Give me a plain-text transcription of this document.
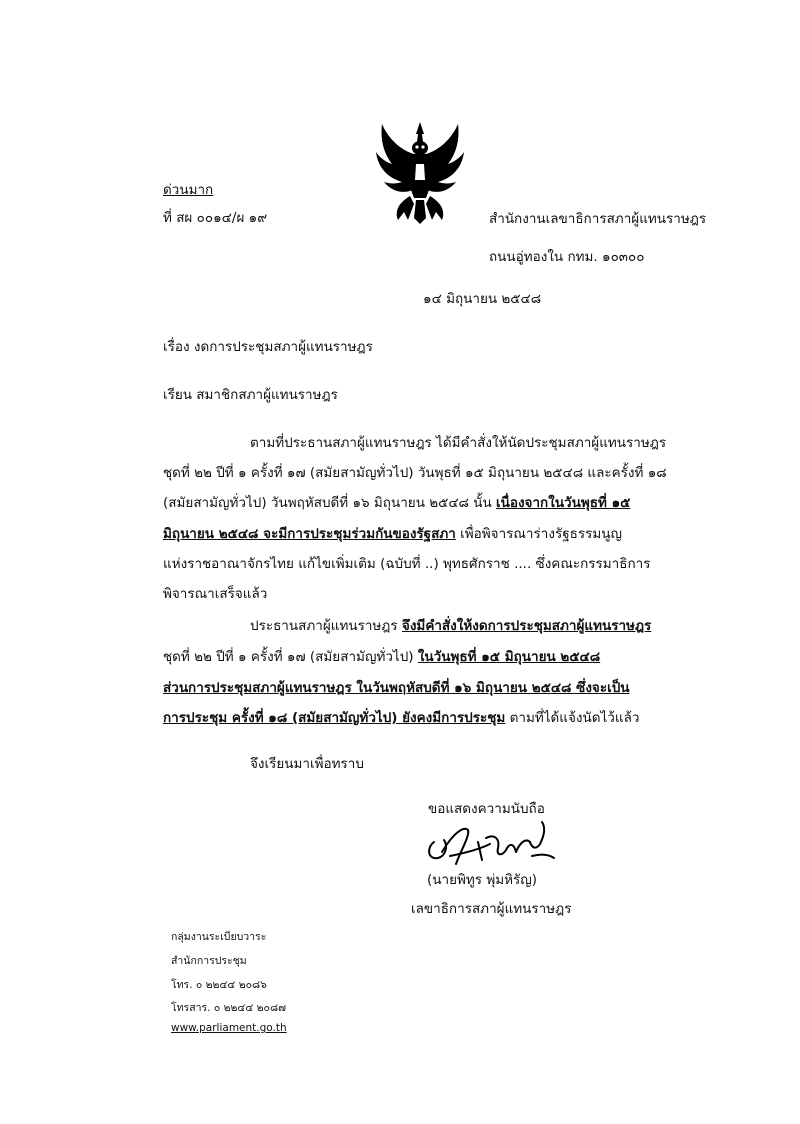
ด่วนมาก
ที่ สผ ๐๐๑๔/ผ ๑๙	สำนักงานเลขาธิการสภาผู้แทนราษฎร
ถนนอู่ทองใน กทม. ๑๐๓๐๐
๑๔ มิถุนายน ๒๕๔๘
เรื่อง งดการประชุมสภาผู้แทนราษฎร
เรียน สมาชิกสภาผู้แทนราษฎร
ตามที่ประธานสภาผู้แทนราษฎร ได้มีคำสั่งให้นัดประชุมสภาผู้แทนราษฎร
ชุดที่ ๒๒ ปีที่ ๑ ครั้งที่ ๑๗ (สมัยสามัญทั่วไป) วันพุธที่ ๑๕ มิถุนายน ๒๕๔๘ และครั้งที่ ๑๘
(สมัยสามัญทั่วไป) วันพฤหัสบดีที่ ๑๖ มิถุนายน ๒๕๔๘ นั้น เนื่องจากในวันพุธที่ ๑๕
มิถุนายน ๒๕๔๘ จะมีการประชุมร่วมกันของรัฐสภา เพื่อพิจารณาร่างรัฐธรรมนูญ
แห่งราชอาณาจักรไทย แก้ไขเพิ่มเติม (ฉบับที่ ..) พุทธศักราช .... ซึ่งคณะกรรมาธิการ
พิจารณาเสร็จแล้ว
ประธานสภาผู้แทนราษฎร จึงมีคำสั่งให้งดการประชุมสภาผู้แทนราษฎร
ชุดที่ ๒๒ ปีที่ ๑ ครั้งที่ ๑๗ (สมัยสามัญทั่วไป) ในวันพุธที่ ๑๕ มิถุนายน ๒๕๔๘
ส่วนการประชุมสภาผู้แทนราษฎร ในวันพฤหัสบดีที่ ๑๖ มิถุนายน ๒๕๔๘ ซึ่งจะเป็น
การประชุม ครั้งที่ ๑๘ (สมัยสามัญทั่วไป) ยังคงมีการประชุม ตามที่ได้แจ้งนัดไว้แล้ว
จึงเรียนมาเพื่อทราบ
ขอแสดงความนับถือ
(นายพิทูร พุ่มหิรัญ)
เลขาธิการสภาผู้แทนราษฎร
กลุ่มงานระเบียบวาระ
สำนักการประชุม
โทร. ๐ ๒๒๔๔ ๒๐๘๖
โทรสาร. ๐ ๒๒๔๔ ๒๐๘๗
www.parliament.go.th
